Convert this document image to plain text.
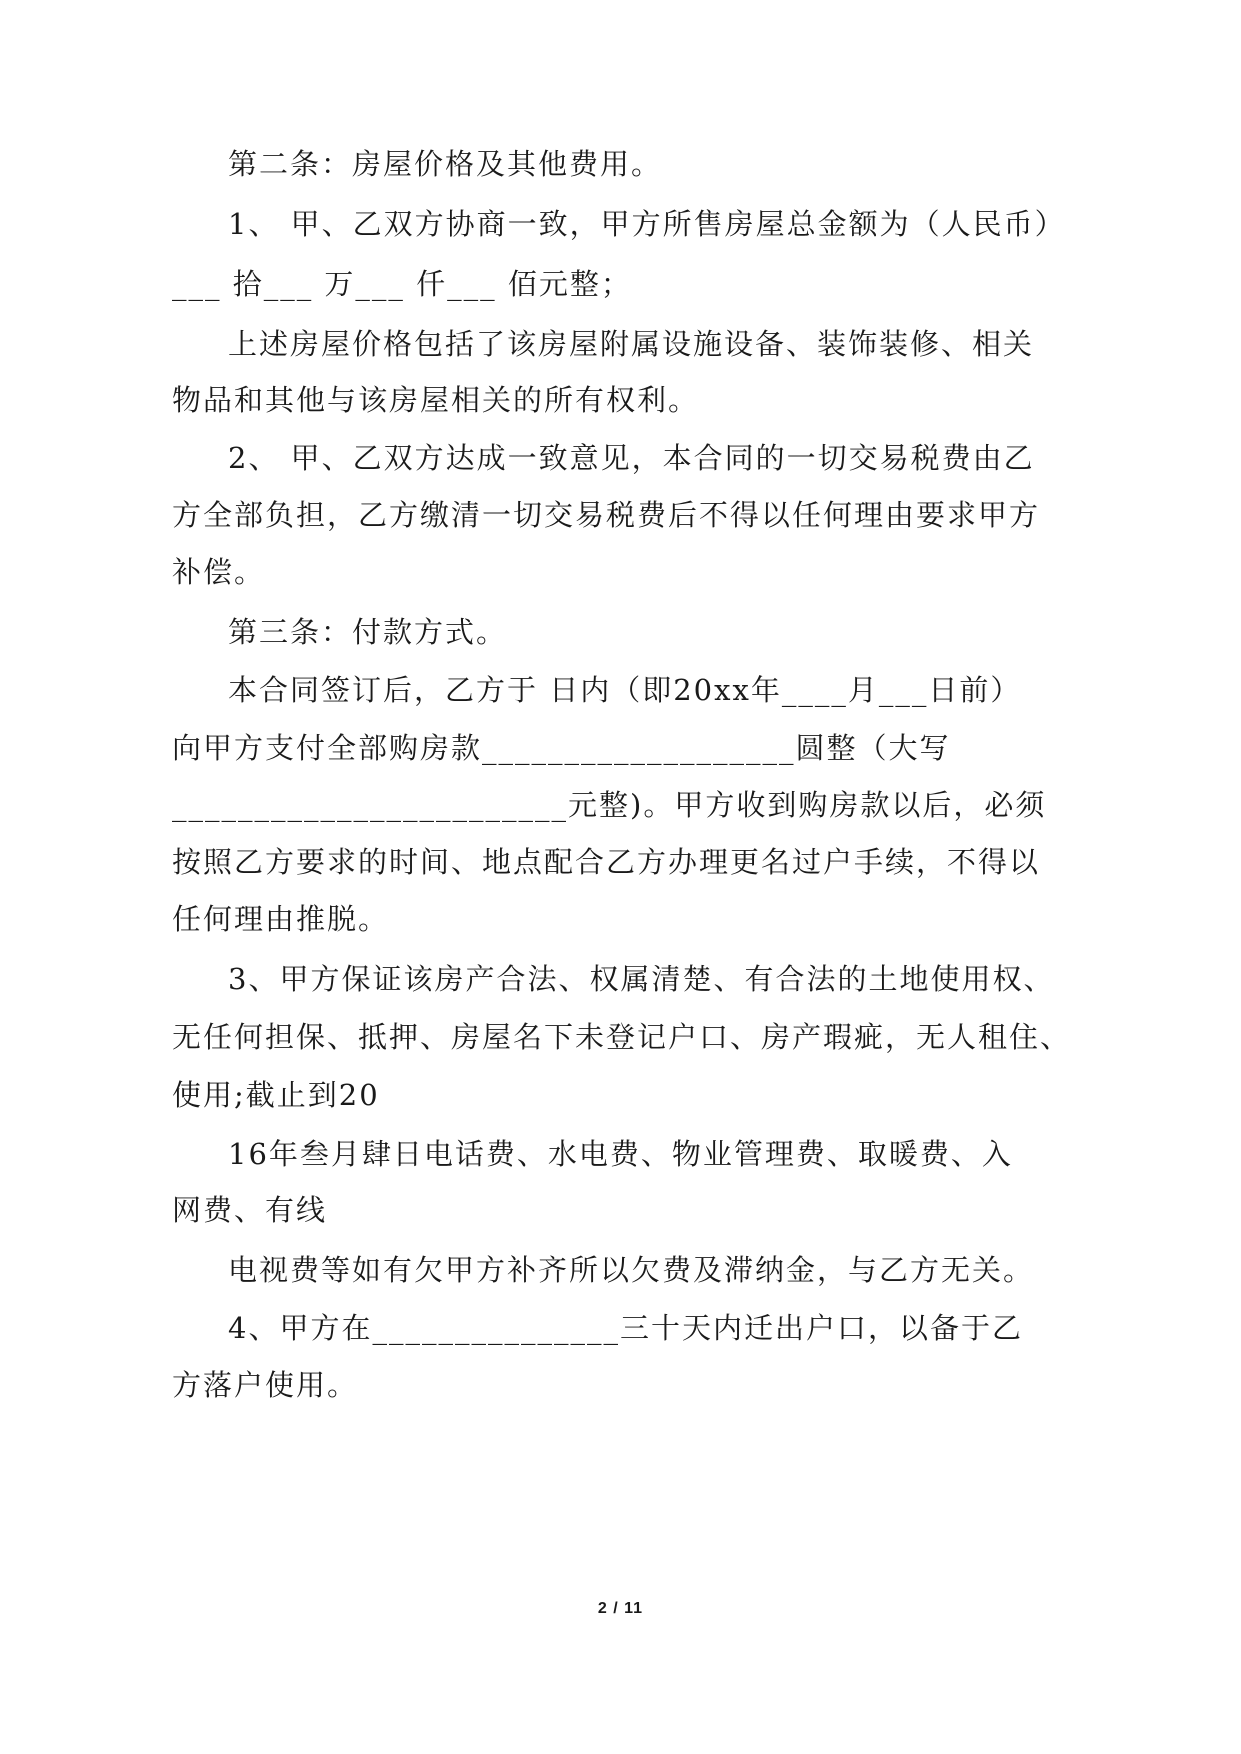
第二条：房屋价格及其他费用。
1、 甲、乙双方协商一致，甲方所售房屋总金额为（人民币）
___ 拾___ 万___ 仟___ 佰元整；
上述房屋价格包括了该房屋附属设施设备、装饰装修、相关
物品和其他与该房屋相关的所有权利。
2、 甲、乙双方达成一致意见，本合同的一切交易税费由乙
方全部负担，乙方缴清一切交易税费后不得以任何理由要求甲方
补偿。
第三条：付款方式。
本合同签订后，乙方于 日内（即20xx年____月___日前）
向甲方支付全部购房款___________________圆整（大写
________________________元整)。甲方收到购房款以后，必须
按照乙方要求的时间、地点配合乙方办理更名过户手续，不得以
任何理由推脱。
3、甲方保证该房产合法、权属清楚、有合法的土地使用权、
无任何担保、抵押、房屋名下未登记户口、房产瑕疵，无人租住、
使用;截止到20
16年叁月肆日电话费、水电费、物业管理费、取暖费、入
网费、有线
电视费等如有欠甲方补齐所以欠费及滞纳金，与乙方无关。
4、甲方在_______________三十天内迁出户口，以备于乙
方落户使用。
2 / 11
